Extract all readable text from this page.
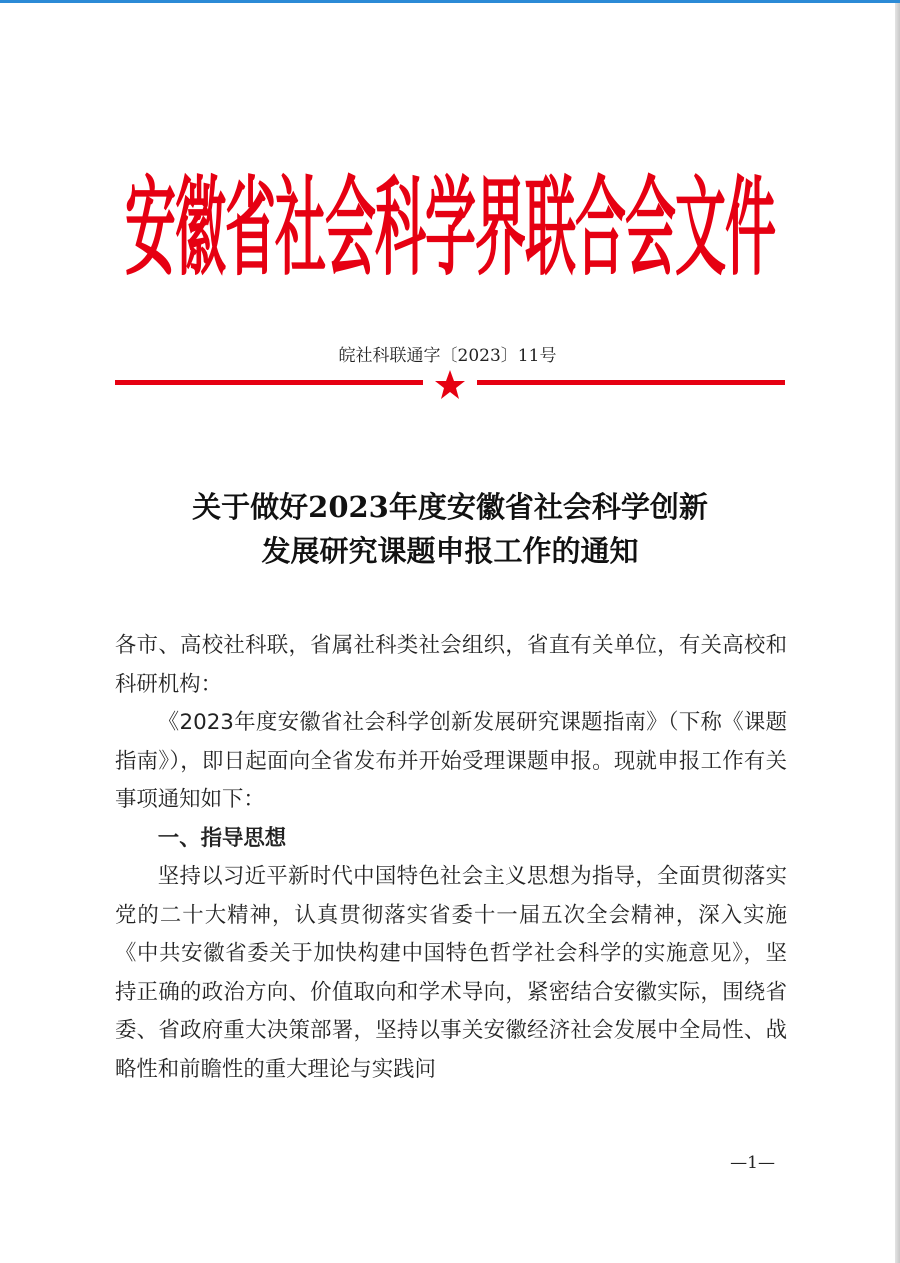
安徽省社会科学界联合会文件
皖社科联通字〔2023〕11号
关于做好2023年度安徽省社会科学创新
发展研究课题申报工作的通知

各市、高校社科联，省属社科类社会组织，省直有关单位，有关高校和科研机构：

《2023年度安徽省社会科学创新发展研究课题指南》（下称《课题指南》），即日起面向全省发布并开始受理课题申报。现就申报工作有关事项通知如下：

一、指导思想

坚持以习近平新时代中国特色社会主义思想为指导，全面贯彻落实党的二十大精神，认真贯彻落实省委十一届五次全会精神，深入实施《中共安徽省委关于加快构建中国特色哲学社会科学的实施意见》，坚持正确的政治方向、价值取向和学术导向，紧密结合安徽实际，围绕省委、省政府重大决策部署，坚持以事关安徽经济社会发展中全局性、战略性和前瞻性的重大理论与实践问

—1—
